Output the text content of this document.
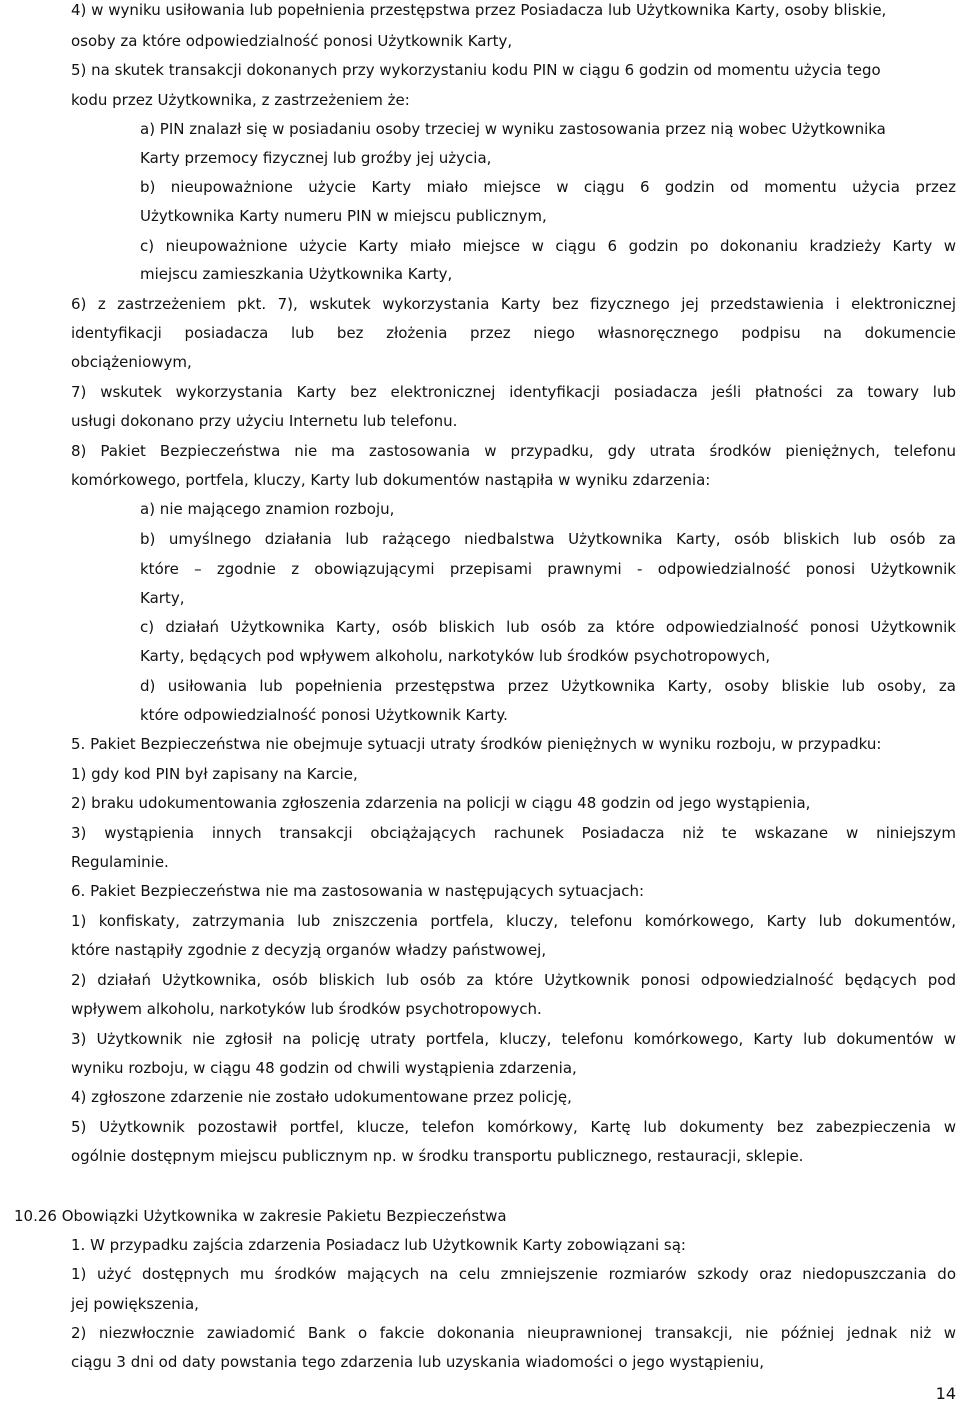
4) w wyniku usiłowania lub popełnienia przestępstwa przez Posiadacza lub Użytkownika Karty, osoby bliskie,
osoby za które odpowiedzialność ponosi Użytkownik Karty,
5) na skutek transakcji dokonanych przy wykorzystaniu kodu PIN w ciągu 6 godzin od momentu użycia tego
kodu przez Użytkownika, z zastrzeżeniem że:
a) PIN znalazł się w posiadaniu osoby trzeciej w wyniku zastosowania przez nią wobec Użytkownika
Karty przemocy fizycznej lub groźby jej użycia,
b) nieupoważnione użycie Karty miało miejsce w ciągu 6 godzin od momentu użycia przez
Użytkownika Karty numeru PIN w miejscu publicznym,
c) nieupoważnione użycie Karty miało miejsce w ciągu 6 godzin po dokonaniu kradzieży Karty w
miejscu zamieszkania Użytkownika Karty,
6) z zastrzeżeniem pkt. 7), wskutek wykorzystania Karty bez fizycznego jej przedstawienia i elektronicznej
identyfikacji posiadacza lub bez złożenia przez niego własnoręcznego podpisu na dokumencie
obciążeniowym,
7) wskutek wykorzystania Karty bez elektronicznej identyfikacji posiadacza jeśli płatności za towary lub
usługi dokonano przy użyciu Internetu lub telefonu.
8) Pakiet Bezpieczeństwa nie ma zastosowania w przypadku, gdy utrata środków pieniężnych, telefonu
komórkowego, portfela, kluczy, Karty lub dokumentów nastąpiła w wyniku zdarzenia:
a) nie mającego znamion rozboju,
b) umyślnego działania lub rażącego niedbalstwa Użytkownika Karty, osób bliskich lub osób za
które – zgodnie z obowiązującymi przepisami prawnymi - odpowiedzialność ponosi Użytkownik
Karty,
c) działań Użytkownika Karty, osób bliskich lub osób za które odpowiedzialność ponosi Użytkownik
Karty, będących pod wpływem alkoholu, narkotyków lub środków psychotropowych,
d) usiłowania lub popełnienia przestępstwa przez Użytkownika Karty, osoby bliskie lub osoby, za
które odpowiedzialność ponosi Użytkownik Karty.
5. Pakiet Bezpieczeństwa nie obejmuje sytuacji utraty środków pieniężnych w wyniku rozboju, w przypadku:
1) gdy kod PIN był zapisany na Karcie,
2) braku udokumentowania zgłoszenia zdarzenia na policji w ciągu 48 godzin od jego wystąpienia,
3) wystąpienia innych transakcji obciążających rachunek Posiadacza niż te wskazane w niniejszym
Regulaminie.
6. Pakiet Bezpieczeństwa nie ma zastosowania w następujących sytuacjach:
1) konfiskaty, zatrzymania lub zniszczenia portfela, kluczy, telefonu komórkowego, Karty lub dokumentów,
które nastąpiły zgodnie z decyzją organów władzy państwowej,
2) działań Użytkownika, osób bliskich lub osób za które Użytkownik ponosi odpowiedzialność będących pod
wpływem alkoholu, narkotyków lub środków psychotropowych.
3) Użytkownik nie zgłosił na policję utraty portfela, kluczy, telefonu komórkowego, Karty lub dokumentów w
wyniku rozboju, w ciągu 48 godzin od chwili wystąpienia zdarzenia,
4) zgłoszone zdarzenie nie zostało udokumentowane przez policję,
5) Użytkownik pozostawił portfel, klucze, telefon komórkowy, Kartę lub dokumenty bez zabezpieczenia w
ogólnie dostępnym miejscu publicznym np. w środku transportu publicznego, restauracji, sklepie.
10.26 Obowiązki Użytkownika w zakresie Pakietu Bezpieczeństwa
1. W przypadku zajścia zdarzenia Posiadacz lub Użytkownik Karty zobowiązani są:
1) użyć dostępnych mu środków mających na celu zmniejszenie rozmiarów szkody oraz niedopuszczania do
jej powiększenia,
2) niezwłocznie zawiadomić Bank o fakcie dokonania nieuprawnionej transakcji, nie później jednak niż w
ciągu 3 dni od daty powstania tego zdarzenia lub uzyskania wiadomości o jego wystąpieniu,
14
